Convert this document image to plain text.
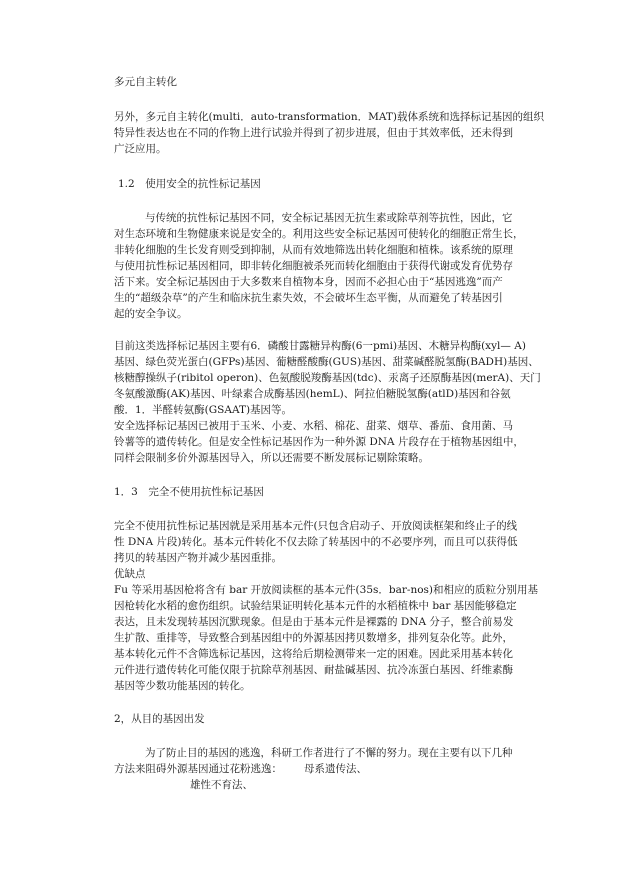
多元自主转化
另外，多元自主转化(multi．auto-transformation．MAT)载体系统和选择标记基因的组织
特异性表达也在不同的作物上进行试验并得到了初步进展，但由于其效率低，还未得到
广泛应用。
1.2　使用安全的抗性标记基因
与传统的抗性标记基因不同，安全标记基因无抗生素或除草剂等抗性，因此，它
对生态环境和生物健康来说是安全的。利用这些安全标记基因可使转化的细胞正常生长，
非转化细胞的生长发育则受到抑制，从而有效地筛选出转化细胞和植株。该系统的原理
与使用抗性标记基因相同，即非转化细胞被杀死而转化细胞由于获得代谢或发育优势存
活下来。安全标记基因由于大多数来自植物本身，因而不必担心由于“基因逃逸”而产
生的“超级杂草”的产生和临床抗生素失效，不会破坏生态平衡，从而避免了转基因引
起的安全争议。
目前这类选择标记基因主要有6．磷酸甘露糖异构酶(6一pmi)基因、木糖异构酶(xyl— A)
基因、绿色荧光蛋白(GFPs)基因、葡糖醛酸酶(GUS)基因、甜菜碱醛脱氢酶(BADH)基因、
核糖醇操纵子(ribitol operon)、色氨酸脱羧酶基因(tdc)、汞离子还原酶基因(merA)、天门
冬氨酸激酶(AK)基因、叶绿素合成酶基因(hemL)、阿拉伯糖脱氢酶(atlD)基因和谷氨
酸．1．半醛转氨酶(GSAAT)基因等。
安全选择标记基因已被用于玉米、小麦、水稻、棉花、甜菜、烟草、番茄、食用菌、马
铃薯等的遗传转化。但是安全性标记基因作为一种外源 DNA 片段存在于植物基因组中，
同样会限制多价外源基因导入，所以还需要不断发展标记剔除策略。
1．3　完全不使用抗性标记基因
完全不使用抗性标记基因就是采用基本元件(只包含启动子、开放阅读框架和终止子的线
性 DNA 片段)转化。基本元件转化不仅去除了转基因中的不必要序列，而且可以获得低
拷贝的转基因产物并减少基因重排。
优缺点
Fu 等采用基因枪将含有 bar 开放阅读框的基本元件(35s．bar-nos)和相应的质粒分别用基
因枪转化水稻的愈伤组织。试验结果证明转化基本元件的水稻植株中 bar 基因能够稳定
表达，且未发现转基因沉默现象。但是由于基本元件是裸露的 DNA 分子，整合前易发
生扩散、重排等，导致整合到基因组中的外源基因拷贝数增多，排列复杂化等。此外，
基本转化元件不含筛选标记基因，这将给后期检测带来一定的困难。因此采用基本转化
元件进行遗传转化可能仅限于抗除草剂基因、耐盐碱基因、抗冷冻蛋白基因、纤维素酶
基因等少数功能基因的转化。
2，从目的基因出发
为了防止目的基因的逃逸，科研工作者进行了不懈的努力。现在主要有以下几种
方法来阻碍外源基因通过花粉逃逸： 母系遗传法、
雄性不育法、
